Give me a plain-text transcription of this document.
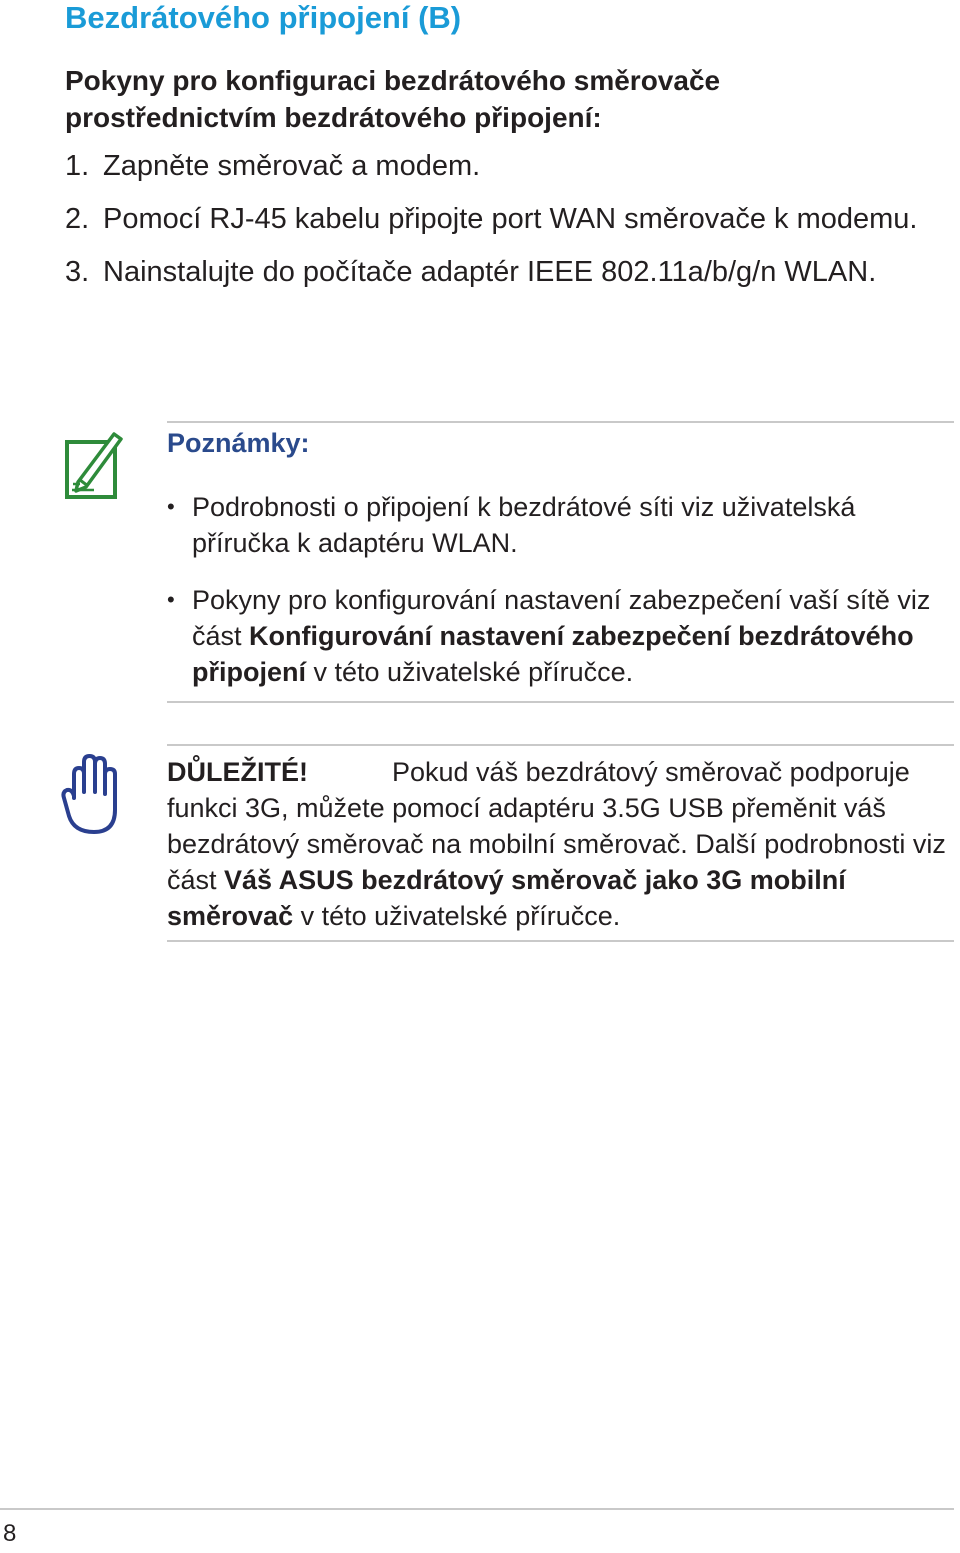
Bezdrátového připojení (B)
Pokyny pro konfiguraci bezdrátového směrovače prostřednictvím bezdrátového připojení:
1. Zapněte směrovač a modem.
2. Pomocí RJ-45 kabelu připojte port WAN směrovače k modemu.
3. Nainstalujte do počítače adaptér IEEE 802.11a/b/g/n WLAN.
Poznámky:
• Podrobnosti o připojení k bezdrátové síti viz uživatelská příručka k adaptéru WLAN.
• Pokyny pro konfigurování nastavení zabezpečení vaší sítě viz část Konfigurování nastavení zabezpečení bezdrátového připojení v této uživatelské příručce.
DŮLEŽITÉ!	Pokud váš bezdrátový směrovač podporuje funkci 3G, můžete pomocí adaptéru 3.5G USB přeměnit váš bezdrátový směrovač na mobilní směrovač. Další podrobnosti viz část Váš ASUS bezdrátový směrovač jako 3G mobilní směrovač v této uživatelské příručce.
8
